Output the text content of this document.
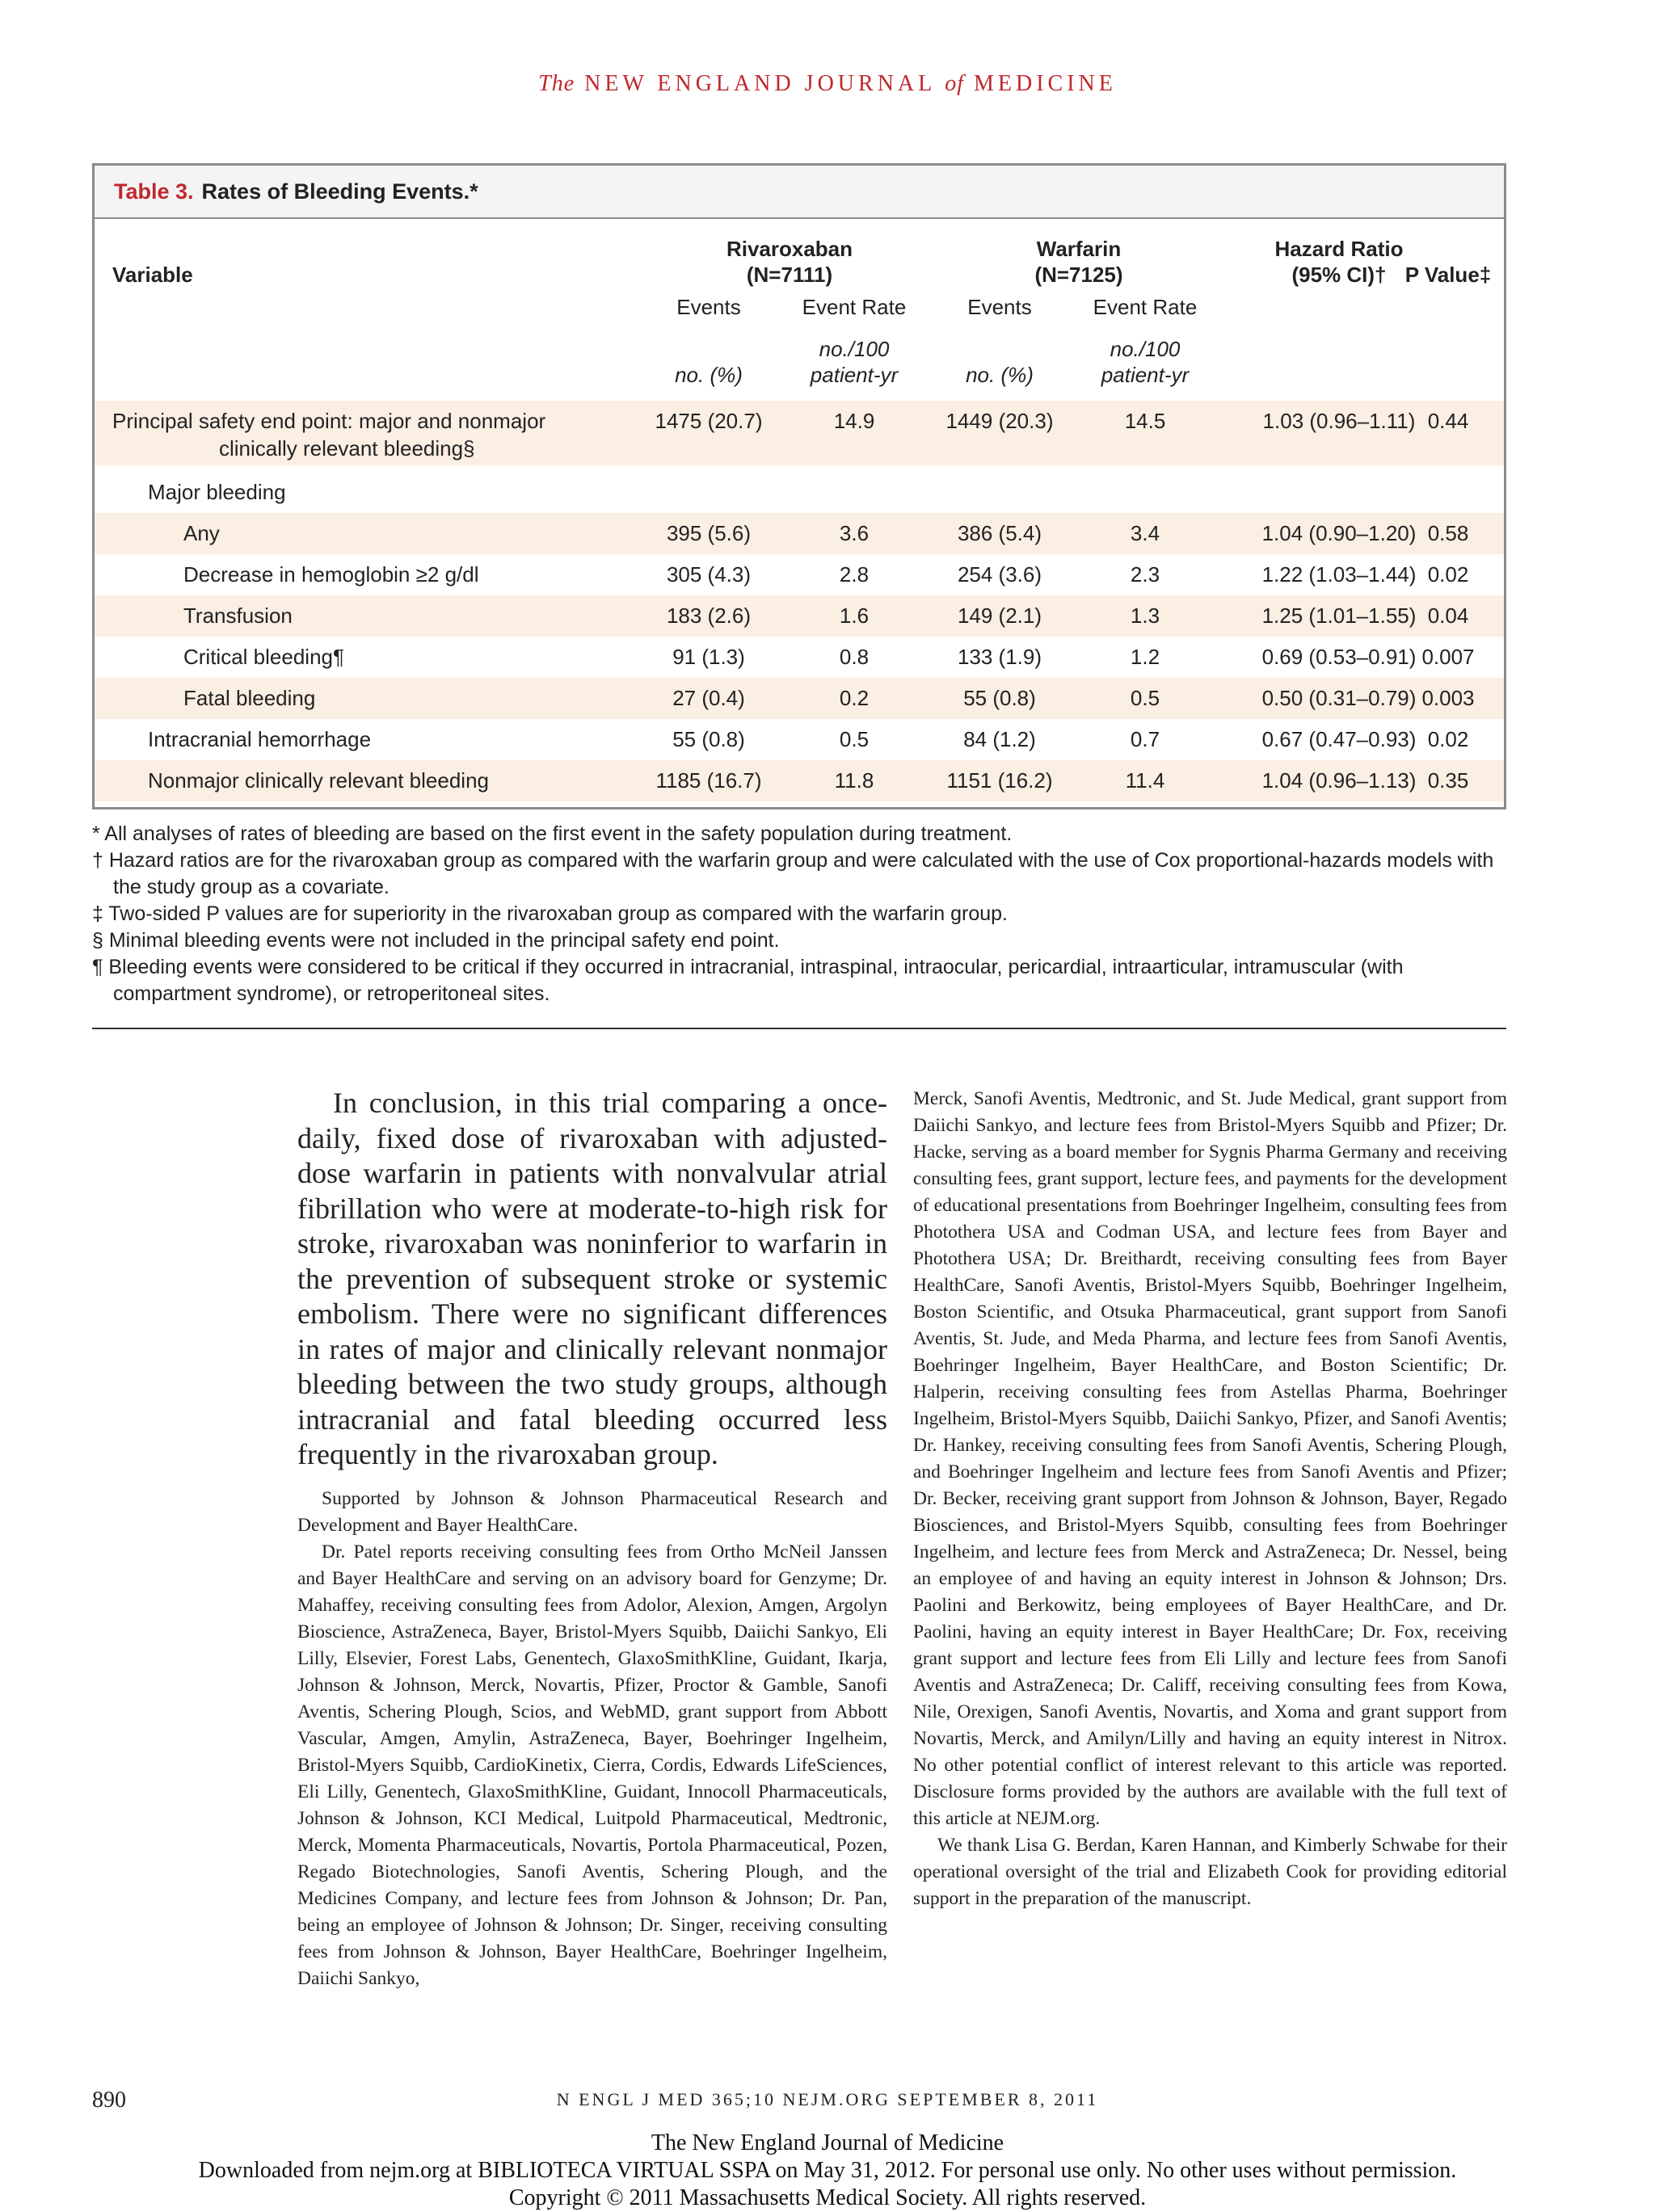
The NEW ENGLAND JOURNAL of MEDICINE
Table 3. Rates of Bleeding Events.*
Variable
Rivaroxaban
(N=7111)
Warfarin
(N=7125)
Hazard Ratio
(95% CI)† P Value‡
Events	Event Rate	Events	Event Rate
no./100	no./100
no. (%)	patient-yr	no. (%)	patient-yr
Principal safety end point: major and nonmajor
clinically relevant bleeding§
1475 (20.7)	14.9	1449 (20.3)	14.5	1.03 (0.96–1.11) 0.44
Major bleeding
Any	395 (5.6)	3.6	386 (5.4)	3.4	1.04 (0.90–1.20) 0.58
Decrease in hemoglobin ≥2 g/dl	305 (4.3)	2.8	254 (3.6)	2.3	1.22 (1.03–1.44) 0.02
Transfusion	183 (2.6)	1.6	149 (2.1)	1.3	1.25 (1.01–1.55) 0.04
Critical bleeding¶	91 (1.3)	0.8	133 (1.9)	1.2	0.69 (0.53–0.91) 0.007
Fatal bleeding	27 (0.4)	0.2	55 (0.8)	0.5	0.50 (0.31–0.79) 0.003
Intracranial hemorrhage	55 (0.8)	0.5	84 (1.2)	0.7	0.67 (0.47–0.93) 0.02
Nonmajor clinically relevant bleeding	1185 (16.7)	11.8	1151 (16.2)	11.4	1.04 (0.96–1.13) 0.35
* All analyses of rates of bleeding are based on the first event in the safety population during treatment.
† Hazard ratios are for the rivaroxaban group as compared with the warfarin group and were calculated with the use of Cox proportional-hazards models with the study group as a covariate.
‡ Two-sided P values are for superiority in the rivaroxaban group as compared with the warfarin group.
§ Minimal bleeding events were not included in the principal safety end point.
¶ Bleeding events were considered to be critical if they occurred in intracranial, intraspinal, intraocular, pericardial, intraarticular, intramuscular (with compartment syndrome), or retroperitoneal sites.

In conclusion, in this trial comparing a once-daily, fixed dose of rivaroxaban with adjusted-dose warfarin in patients with nonvalvular atrial fibrillation who were at moderate-to-high risk for stroke, rivaroxaban was noninferior to warfarin in the prevention of subsequent stroke or systemic embolism. There were no significant differences in rates of major and clinically relevant nonmajor bleeding between the two study groups, although intracranial and fatal bleeding occurred less frequently in the rivaroxaban group.

Supported by Johnson & Johnson Pharmaceutical Research and Development and Bayer HealthCare.

Dr. Patel reports receiving consulting fees from Ortho McNeil Janssen and Bayer HealthCare and serving on an advisory board for Genzyme; Dr. Mahaffey, receiving consulting fees from Adolor, Alexion, Amgen, Argolyn Bioscience, AstraZeneca, Bayer, Bristol-Myers Squibb, Daiichi Sankyo, Eli Lilly, Elsevier, Forest Labs, Genentech, GlaxoSmithKline, Guidant, Ikarja, Johnson & Johnson, Merck, Novartis, Pfizer, Proctor & Gamble, Sanofi Aventis, Schering Plough, Scios, and WebMD, grant support from Abbott Vascular, Amgen, Amylin, AstraZeneca, Bayer, Boehringer Ingelheim, Bristol-Myers Squibb, CardioKinetix, Cierra, Cordis, Edwards LifeSciences, Eli Lilly, Genentech, GlaxoSmithKline, Guidant, Innocoll Pharmaceuticals, Johnson & Johnson, KCI Medical, Luitpold Pharmaceutical, Medtronic, Merck, Momenta Pharmaceuticals, Novartis, Portola Pharmaceutical, Pozen, Regado Biotechnologies, Sanofi Aventis, Schering Plough, and the Medicines Company, and lecture fees from Johnson & Johnson; Dr. Pan, being an employee of Johnson & Johnson; Dr. Singer, receiving consulting fees from Johnson & Johnson, Bayer HealthCare, Boehringer Ingelheim, Daiichi Sankyo,

Merck, Sanofi Aventis, Medtronic, and St. Jude Medical, grant support from Daiichi Sankyo, and lecture fees from Bristol-Myers Squibb and Pfizer; Dr. Hacke, serving as a board member for Sygnis Pharma Germany and receiving consulting fees, grant support, lecture fees, and payments for the development of educational presentations from Boehringer Ingelheim, consulting fees from Photothera USA and Codman USA, and lecture fees from Bayer and Photothera USA; Dr. Breithardt, receiving consulting fees from Bayer HealthCare, Sanofi Aventis, Bristol-Myers Squibb, Boehringer Ingelheim, Boston Scientific, and Otsuka Pharmaceutical, grant support from Sanofi Aventis, St. Jude, and Meda Pharma, and lecture fees from Sanofi Aventis, Boehringer Ingelheim, Bayer HealthCare, and Boston Scientific; Dr. Halperin, receiving consulting fees from Astellas Pharma, Boehringer Ingelheim, Bristol-Myers Squibb, Daiichi Sankyo, Pfizer, and Sanofi Aventis; Dr. Hankey, receiving consulting fees from Sanofi Aventis, Schering Plough, and Boehringer Ingelheim and lecture fees from Sanofi Aventis and Pfizer; Dr. Becker, receiving grant support from Johnson & Johnson, Bayer, Regado Biosciences, and Bristol-Myers Squibb, consulting fees from Boehringer Ingelheim, and lecture fees from Merck and AstraZeneca; Dr. Nessel, being an employee of and having an equity interest in Johnson & Johnson; Drs. Paolini and Berkowitz, being employees of Bayer HealthCare, and Dr. Paolini, having an equity interest in Bayer HealthCare; Dr. Fox, receiving grant support and lecture fees from Eli Lilly and lecture fees from Sanofi Aventis and AstraZeneca; Dr. Califf, receiving consulting fees from Kowa, Nile, Orexigen, Sanofi Aventis, Novartis, and Xoma and grant support from Novartis, Merck, and Amilyn/Lilly and having an equity interest in Nitrox. No other potential conflict of interest relevant to this article was reported. Disclosure forms provided by the authors are available with the full text of this article at NEJM.org.

We thank Lisa G. Berdan, Karen Hannan, and Kimberly Schwabe for their operational oversight of the trial and Elizabeth Cook for providing editorial support in the preparation of the manuscript.

890	N ENGL J MED 365;10 NEJM.ORG SEPTEMBER 8, 2011
The New England Journal of Medicine
Downloaded from nejm.org at BIBLIOTECA VIRTUAL SSPA on May 31, 2012. For personal use only. No other uses without permission.
Copyright © 2011 Massachusetts Medical Society. All rights reserved.
